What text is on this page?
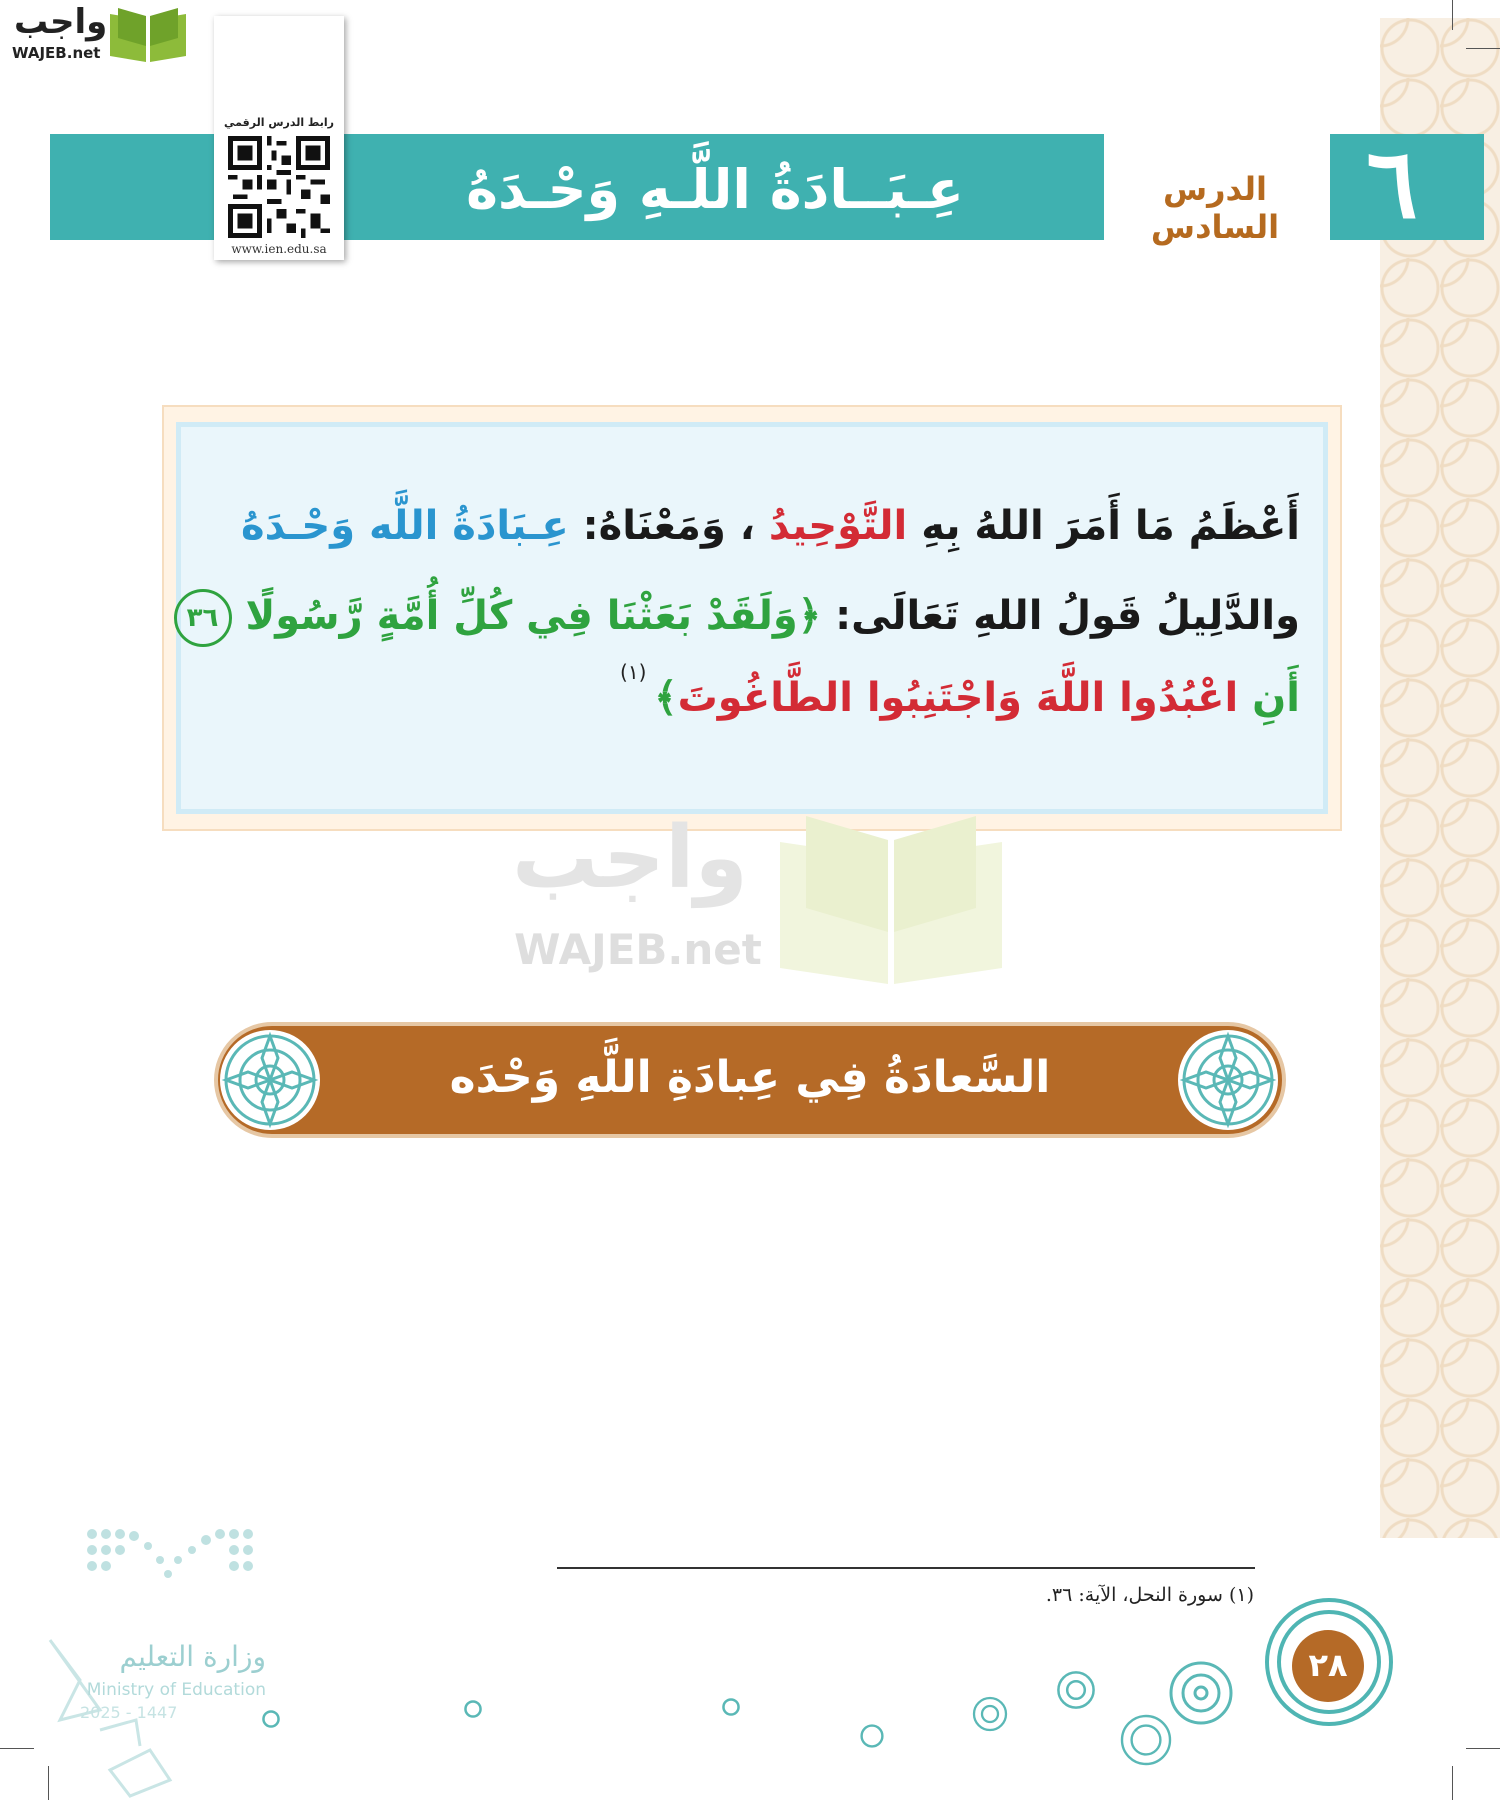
واجب
WAJEB.net
٦
الدرس السادس
عِـبَــادَةُ اللَّـهِ وَحْـدَهُ
رابط الدرس الرقمي
www.ien.edu.sa
أَعْظَمُ مَا أَمَرَ اللهُ بِهِ التَّوْحِيدُ ، وَمَعْنَاهُ: عِـبَادَةُ اللَّه وَحْـدَهُ
والدَّلِيلُ قَولُ اللهِ تَعَالَى: ﴿وَلَقَدْ بَعَثْنَا فِي كُلِّ أُمَّةٍ رَّسُولًا ٣٦
أَنِ اعْبُدُوا اللَّهَ وَاجْتَنِبُوا الطَّاغُوتَ﴾
(١)
واجب
WAJEB.net
السَّعادَةُ فِي عِبادَةِ اللَّهِ وَحْدَه
(١) سورة النحل، الآية: ٣٦.
٢٨
وزارة التعليم
Ministry of Education
2025 - 1447
